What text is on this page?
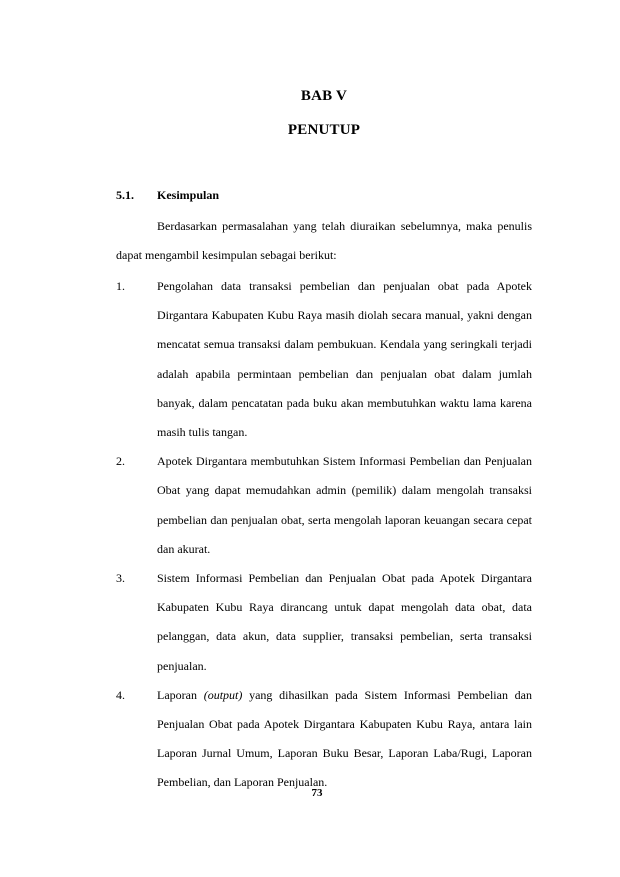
BAB V
PENUTUP
5.1. Kesimpulan
Berdasarkan permasalahan yang telah diuraikan sebelumnya, maka penulis dapat mengambil kesimpulan sebagai berikut:
1.	Pengolahan data transaksi pembelian dan penjualan obat pada Apotek Dirgantara Kabupaten Kubu Raya masih diolah secara manual, yakni dengan mencatat semua transaksi dalam pembukuan. Kendala yang seringkali terjadi adalah apabila permintaan pembelian dan penjualan obat dalam jumlah banyak, dalam pencatatan pada buku akan membutuhkan waktu lama karena masih tulis tangan.
2.	Apotek Dirgantara membutuhkan Sistem Informasi Pembelian dan Penjualan Obat yang dapat memudahkan admin (pemilik) dalam mengolah transaksi pembelian dan penjualan obat, serta mengolah laporan keuangan secara cepat dan akurat.
3.	Sistem Informasi Pembelian dan Penjualan Obat pada Apotek Dirgantara Kabupaten Kubu Raya dirancang untuk dapat mengolah data obat, data pelanggan, data akun, data supplier, transaksi pembelian, serta transaksi penjualan.
4.	Laporan (output) yang dihasilkan pada Sistem Informasi Pembelian dan Penjualan Obat pada Apotek Dirgantara Kabupaten Kubu Raya, antara lain Laporan Jurnal Umum, Laporan Buku Besar, Laporan Laba/Rugi, Laporan Pembelian, dan Laporan Penjualan.
73
